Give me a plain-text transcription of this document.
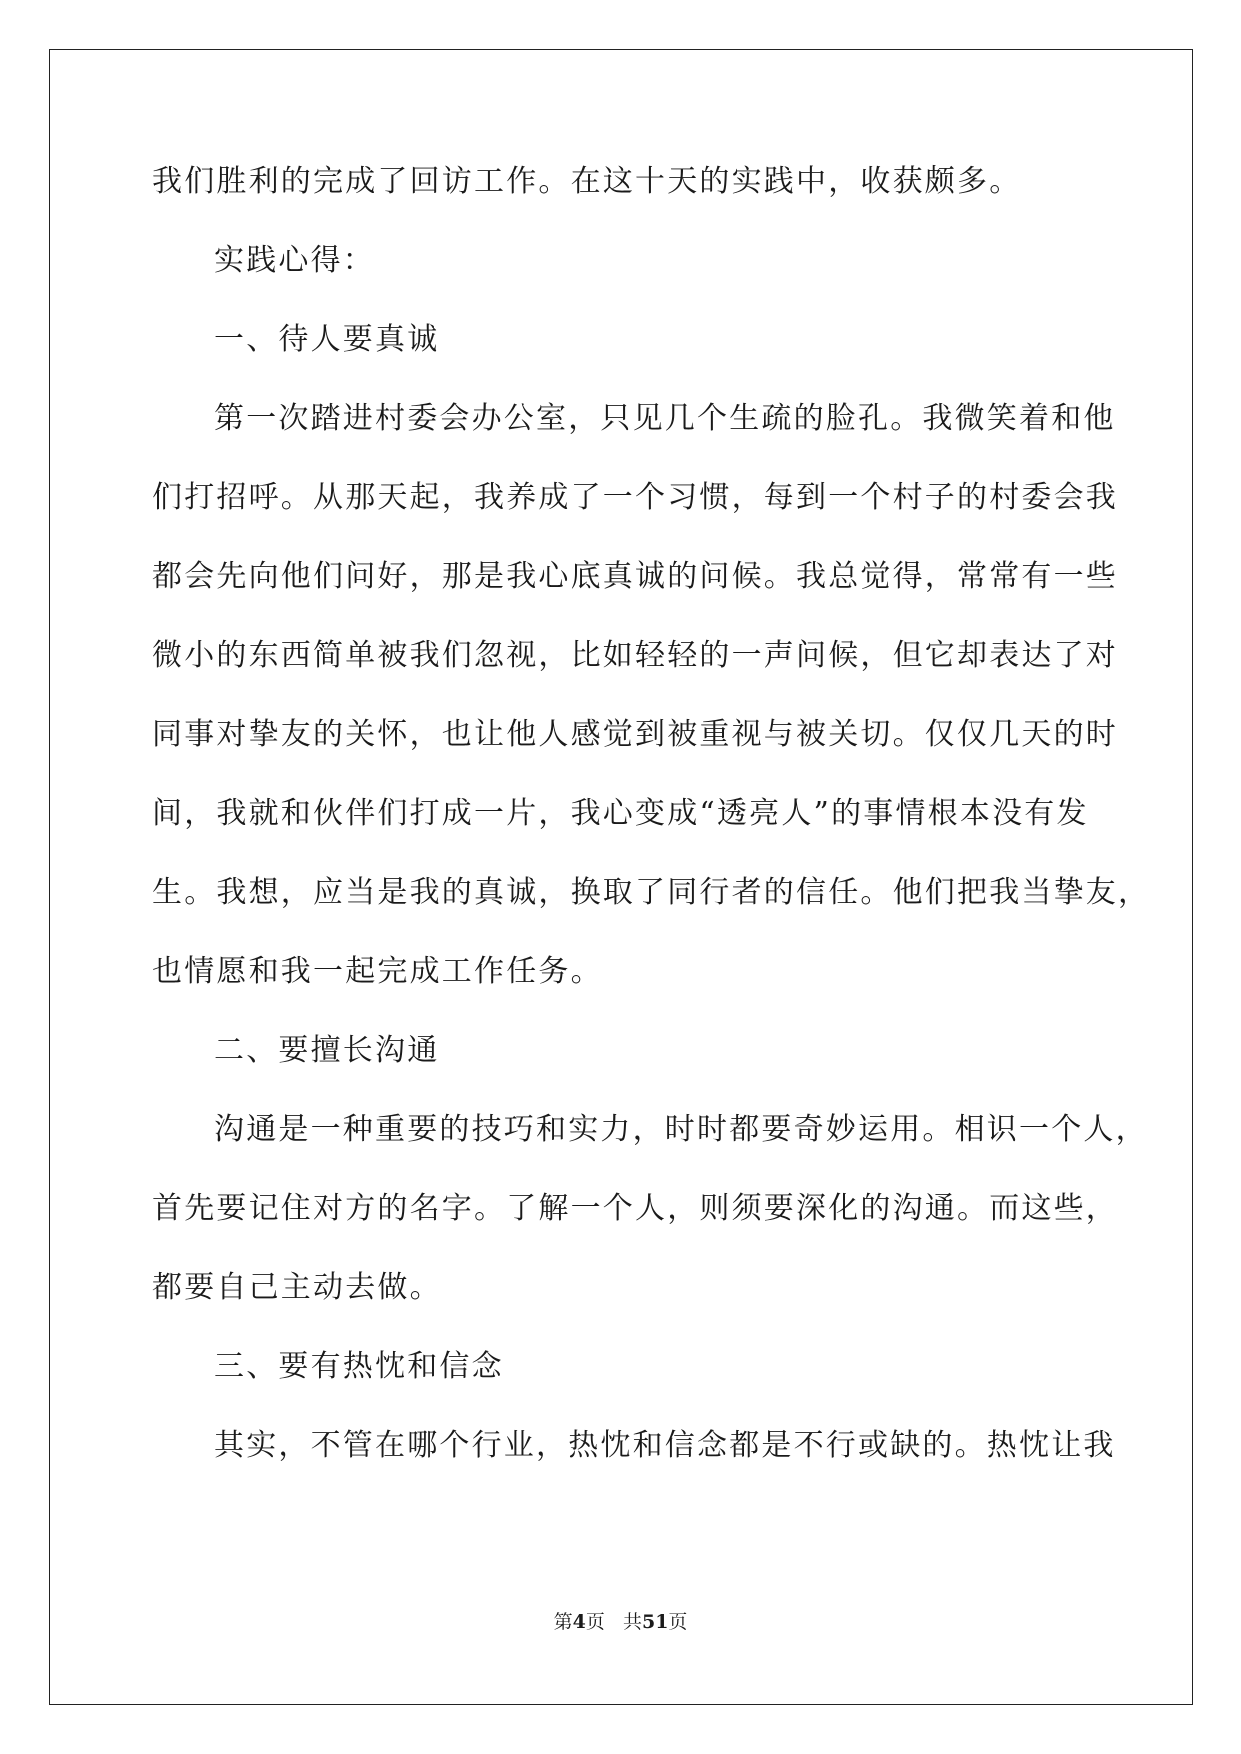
我们胜利的完成了回访工作。在这十天的实践中，收获颇多。
实践心得：
一、待人要真诚
第一次踏进村委会办公室，只见几个生疏的脸孔。我微笑着和他
们打招呼。从那天起，我养成了一个习惯，每到一个村子的村委会我
都会先向他们问好，那是我心底真诚的问候。我总觉得，常常有一些
微小的东西简单被我们忽视，比如轻轻的一声问候，但它却表达了对
同事对挚友的关怀，也让他人感觉到被重视与被关切。仅仅几天的时
间，我就和伙伴们打成一片，我心变成“透亮人”的事情根本没有发
生。我想，应当是我的真诚，换取了同行者的信任。他们把我当挚友，
也情愿和我一起完成工作任务。
二、要擅长沟通
沟通是一种重要的技巧和实力，时时都要奇妙运用。相识一个人，
首先要记住对方的名字。了解一个人，则须要深化的沟通。而这些，
都要自己主动去做。
三、要有热忱和信念
其实，不管在哪个行业，热忱和信念都是不行或缺的。热忱让我
第4页 共51页
